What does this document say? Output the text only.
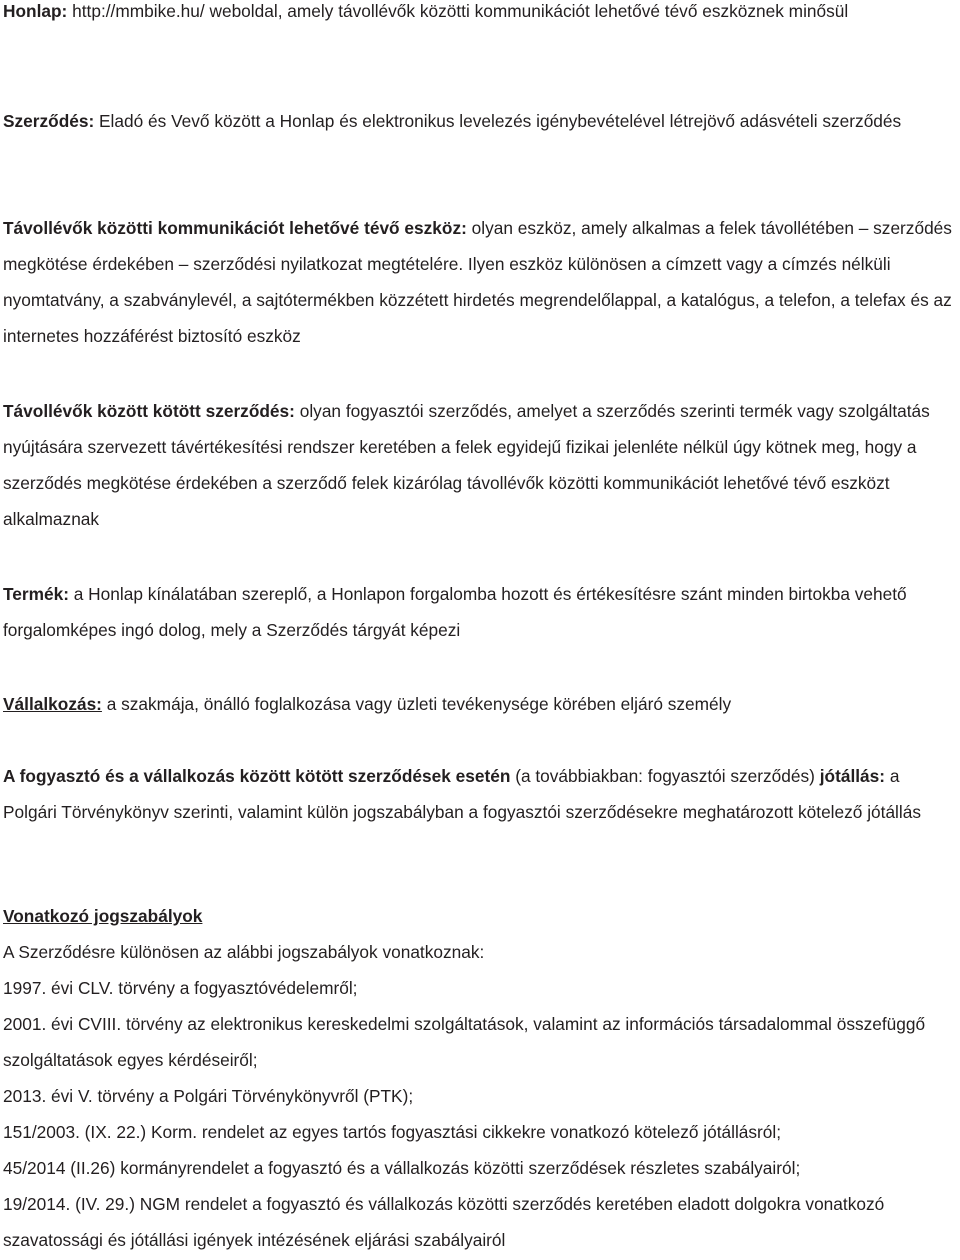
Honlap: http://mmbike.hu/ weboldal, amely távollévők közötti kommunikációt lehetővé tévő eszköznek minősül

Szerződés: Eladó és Vevő között a Honlap és elektronikus levelezés igénybevételével létrejövő adásvételi szerződés

Távollévők közötti kommunikációt lehetővé tévő eszköz: olyan eszköz, amely alkalmas a felek távollétében – szerződés megkötése érdekében – szerződési nyilatkozat megtételére. Ilyen eszköz különösen a címzett vagy a címzés nélküli nyomtatvány, a szabványlevél, a sajtótermékben közzétett hirdetés megrendelőlappal, a katalógus, a telefon, a telefax és az internetes hozzáférést biztosító eszköz

Távollévők között kötött szerződés: olyan fogyasztói szerződés, amelyet a szerződés szerinti termék vagy szolgáltatás nyújtására szervezett távértékesítési rendszer keretében a felek egyidejű fizikai jelenléte nélkül úgy kötnek meg, hogy a szerződés megkötése érdekében a szerződő felek kizárólag távollévők közötti kommunikációt lehetővé tévő eszközt alkalmaznak

Termék: a Honlap kínálatában szereplő, a Honlapon forgalomba hozott és értékesítésre szánt minden birtokba vehető forgalomképes ingó dolog, mely a Szerződés tárgyát képezi

Vállalkozás: a szakmája, önálló foglalkozása vagy üzleti tevékenysége körében eljáró személy

A fogyasztó és a vállalkozás között kötött szerződések esetén (a továbbiakban: fogyasztói szerződés) jótállás: a Polgári Törvénykönyv szerinti, valamint külön jogszabályban a fogyasztói szerződésekre meghatározott kötelező jótállás

Vonatkozó jogszabályok
A Szerződésre különösen az alábbi jogszabályok vonatkoznak:
1997. évi CLV. törvény a fogyasztóvédelemről;
2001. évi CVIII. törvény az elektronikus kereskedelmi szolgáltatások, valamint az információs társadalommal összefüggő szolgáltatások egyes kérdéseiről;
2013. évi V. törvény a Polgári Törvénykönyvről (PTK);
151/2003. (IX. 22.) Korm. rendelet az egyes tartós fogyasztási cikkekre vonatkozó kötelező jótállásról;
45/2014 (II.26) kormányrendelet a fogyasztó és a vállalkozás közötti szerződések részletes szabályairól;
19/2014. (IV. 29.) NGM rendelet a fogyasztó és vállalkozás közötti szerződés keretében eladott dolgokra vonatkozó szavatossági és jótállási igények intézésének eljárási szabályairól
